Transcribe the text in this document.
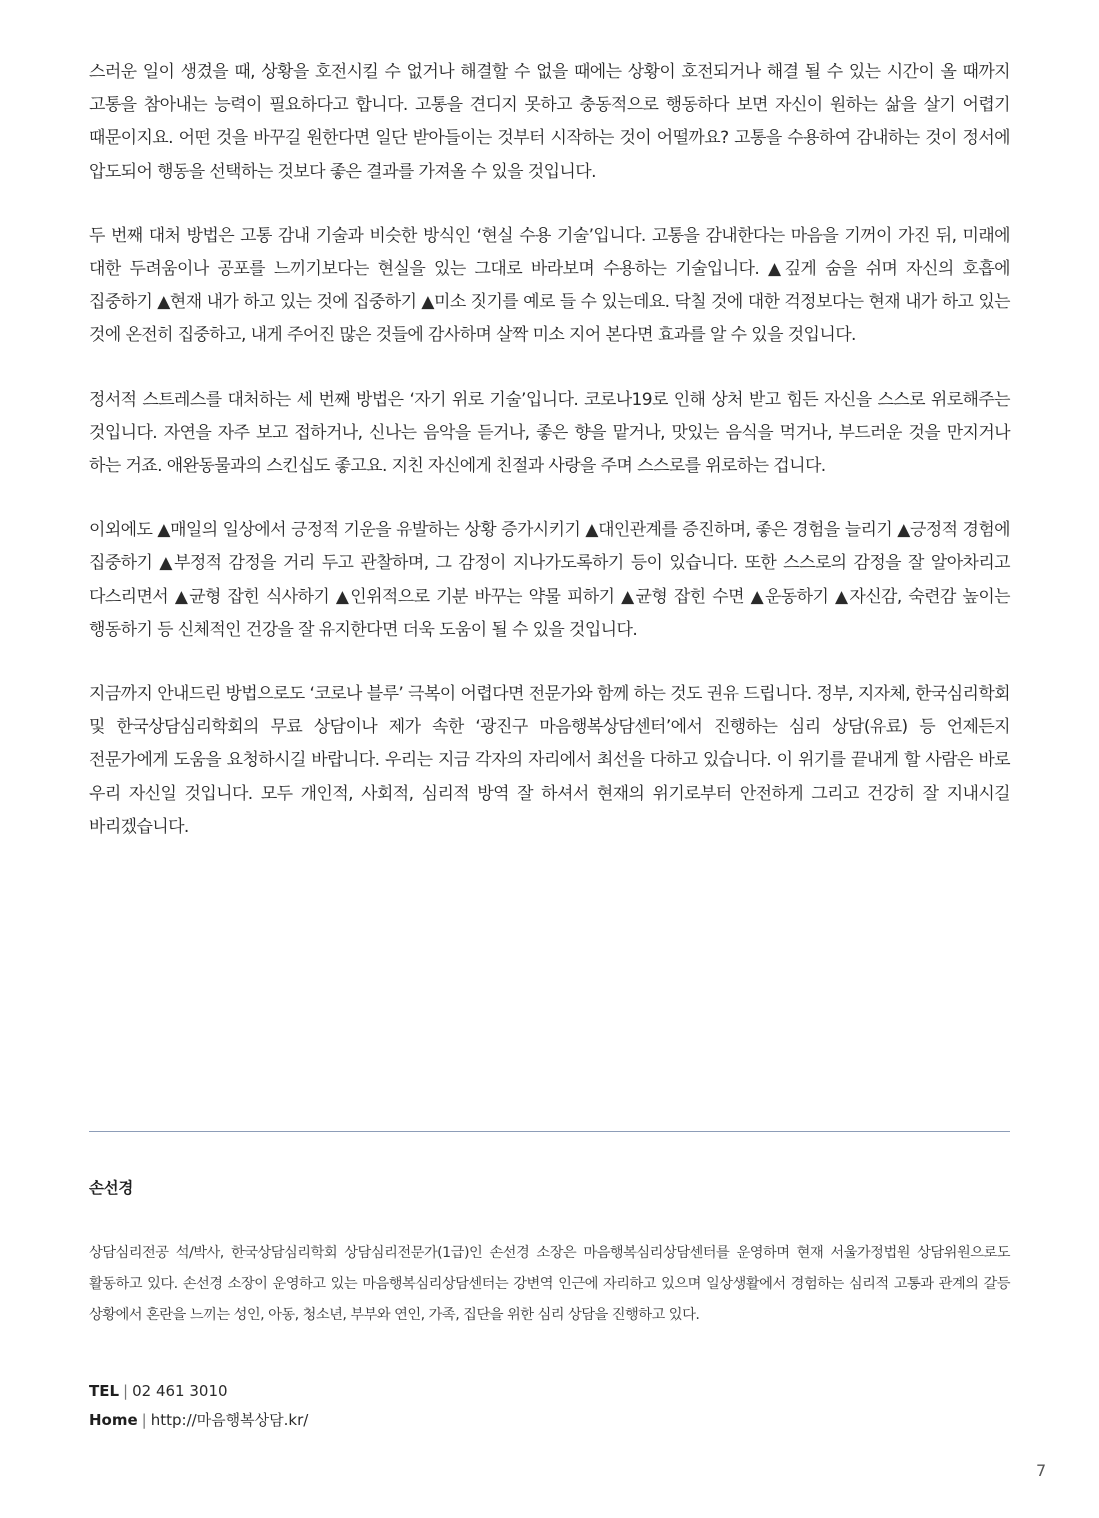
스러운 일이 생겼을 때, 상황을 호전시킬 수 없거나 해결할 수 없을 때에는 상황이 호전되거나 해결 될 수 있는 시간이 올 때까지 고통을 참아내는 능력이 필요하다고 합니다. 고통을 견디지 못하고 충동적으로 행동하다 보면 자신이 원하는 삶을 살기 어렵기 때문이지요. 어떤 것을 바꾸길 원한다면 일단 받아들이는 것부터 시작하는 것이 어떨까요? 고통을 수용하여 감내하는 것이 정서에 압도되어 행동을 선택하는 것보다 좋은 결과를 가져올 수 있을 것입니다.

두 번째 대처 방법은 고통 감내 기술과 비슷한 방식인 ‘현실 수용 기술’입니다. 고통을 감내한다는 마음을 기꺼이 가진 뒤, 미래에 대한 두려움이나 공포를 느끼기보다는 현실을 있는 그대로 바라보며 수용하는 기술입니다. ▲깊게 숨을 쉬며 자신의 호흡에 집중하기 ▲현재 내가 하고 있는 것에 집중하기 ▲미소 짓기를 예로 들 수 있는데요. 닥칠 것에 대한 걱정보다는 현재 내가 하고 있는 것에 온전히 집중하고, 내게 주어진 많은 것들에 감사하며 살짝 미소 지어 본다면 효과를 알 수 있을 것입니다.

정서적 스트레스를 대처하는 세 번째 방법은 ‘자기 위로 기술’입니다. 코로나19로 인해 상처 받고 힘든 자신을 스스로 위로해주는 것입니다. 자연을 자주 보고 접하거나, 신나는 음악을 듣거나, 좋은 향을 맡거나, 맛있는 음식을 먹거나, 부드러운 것을 만지거나 하는 거죠. 애완동물과의 스킨십도 좋고요. 지친 자신에게 친절과 사랑을 주며 스스로를 위로하는 겁니다.

이외에도 ▲매일의 일상에서 긍정적 기운을 유발하는 상황 증가시키기 ▲대인관계를 증진하며, 좋은 경험을 늘리기 ▲긍정적 경험에 집중하기 ▲부정적 감정을 거리 두고 관찰하며, 그 감정이 지나가도록하기 등이 있습니다. 또한 스스로의 감정을 잘 알아차리고 다스리면서 ▲균형 잡힌 식사하기 ▲인위적으로 기분 바꾸는 약물 피하기 ▲균형 잡힌 수면 ▲운동하기 ▲자신감, 숙련감 높이는 행동하기 등 신체적인 건강을 잘 유지한다면 더욱 도움이 될 수 있을 것입니다.

지금까지 안내드린 방법으로도 ‘코로나 블루’ 극복이 어렵다면 전문가와 함께 하는 것도 권유 드립니다. 정부, 지자체, 한국심리학회 및 한국상담심리학회의 무료 상담이나 제가 속한 ‘광진구 마음행복상담센터’에서 진행하는 심리 상담(유료) 등 언제든지 전문가에게 도움을 요청하시길 바랍니다. 우리는 지금 각자의 자리에서 최선을 다하고 있습니다. 이 위기를 끝내게 할 사람은 바로 우리 자신일 것입니다. 모두 개인적, 사회적, 심리적 방역 잘 하셔서 현재의 위기로부터 안전하게 그리고 건강히 잘 지내시길 바리겠습니다.

손선경

상담심리전공 석/박사, 한국상담심리학회 상담심리전문가(1급)인 손선경 소장은 마음행복심리상담센터를 운영하며 현재 서울가정법원 상담위원으로도 활동하고 있다. 손선경 소장이 운영하고 있는 마음행복심리상담센터는 강변역 인근에 자리하고 있으며 일상생활에서 경험하는 심리적 고통과 관계의 갈등 상황에서 혼란을 느끼는 성인, 아동, 청소년, 부부와 연인, 가족, 집단을 위한 심리 상담을 진행하고 있다.

TEL | 02 461 3010
Home | http://마음행복상담.kr/
7
